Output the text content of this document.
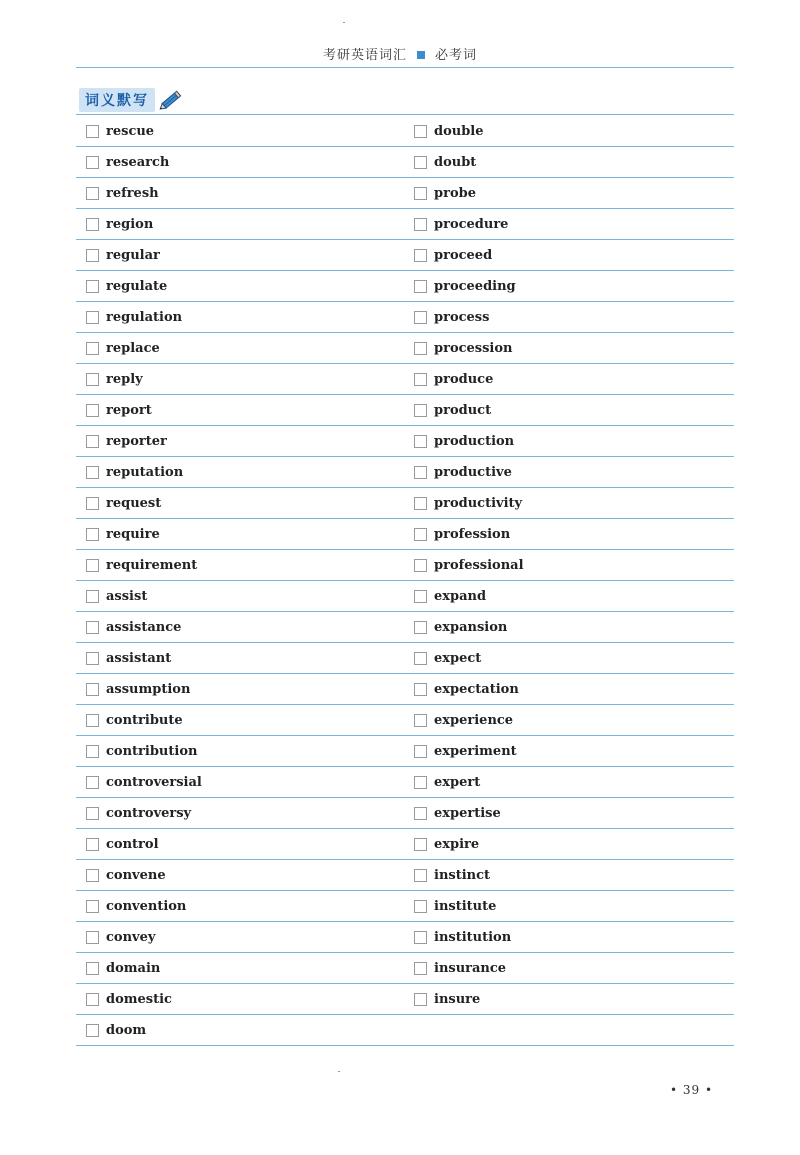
考研英语词汇 必考词
词义默写
rescue	double
research	doubt
refresh	probe
region	procedure
regular	proceed
regulate	proceeding
regulation	process
replace	procession
reply	produce
report	product
reporter	production
reputation	productive
request	productivity
require	profession
requirement	professional
assist	expand
assistance	expansion
assistant	expect
assumption	expectation
contribute	experience
contribution	experiment
controversial	expert
controversy	expertise
control	expire
convene	instinct
convention	institute
convey	institution
domain	insurance
domestic	insure
doom
• 39 •
